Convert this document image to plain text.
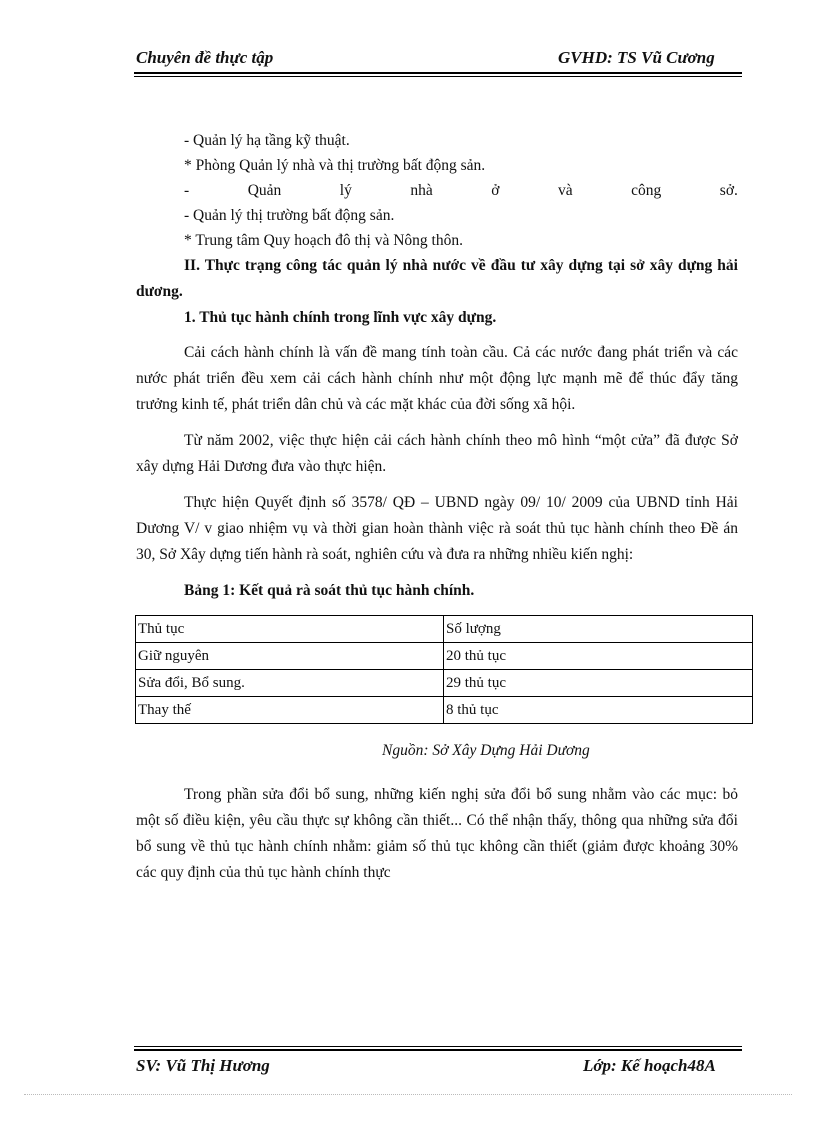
Chuyên đề thực tập	GVHD: TS Vũ Cương
- Quản lý hạ tầng kỹ thuật.
* Phòng Quản lý nhà và thị trường bất động sản.
-	Quản	lý	nhà	ở	và	công	sở.
- Quản lý thị trường bất động sản.
* Trung tâm Quy hoạch đô thị và Nông thôn.

II. Thực trạng công tác quản lý nhà nước về đầu tư xây dựng tại sở xây dựng hải dương.

1. Thủ tục hành chính trong lĩnh vực xây dựng.

Cải cách hành chính là vấn đề mang tính toàn cầu. Cả các nước đang phát triển và các nước phát triển đều xem cải cách hành chính như một động lực mạnh mẽ để thúc đẩy tăng trưởng kinh tế, phát triển dân chủ và các mặt khác của đời sống xã hội.

Từ năm 2002, việc thực hiện cải cách hành chính theo mô hình “một cửa” đã được Sở xây dựng Hải Dương đưa vào thực hiện.

Thực hiện Quyết định số 3578/ QĐ – UBND ngày 09/ 10/ 2009 của UBND tỉnh Hải Dương V/ v giao nhiệm vụ và thời gian hoàn thành việc rà soát thủ tục hành chính theo Đề án 30, Sở Xây dựng tiến hành rà soát, nghiên cứu và đưa ra những nhiều kiến nghị:

Bảng 1: Kết quả rà soát thủ tục hành chính.
Thủ tục	Số lượng
Giữ nguyên	20 thủ tục
Sửa đổi, Bổ sung.	29 thủ tục
Thay thế	8 thủ tục
Nguồn: Sở Xây Dựng Hải Dương

Trong phần sửa đổi bổ sung, những kiến nghị sửa đổi bổ sung nhằm vào các mục: bỏ một số điều kiện, yêu cầu thực sự không cần thiết... Có thể nhận thấy, thông qua những sửa đổi bổ sung về thủ tục hành chính nhằm: giảm số thủ tục không cần thiết (giảm được khoảng 30% các quy định của thủ tục hành chính thực

SV: Vũ Thị Hương	Lớp: Kế hoạch48A
